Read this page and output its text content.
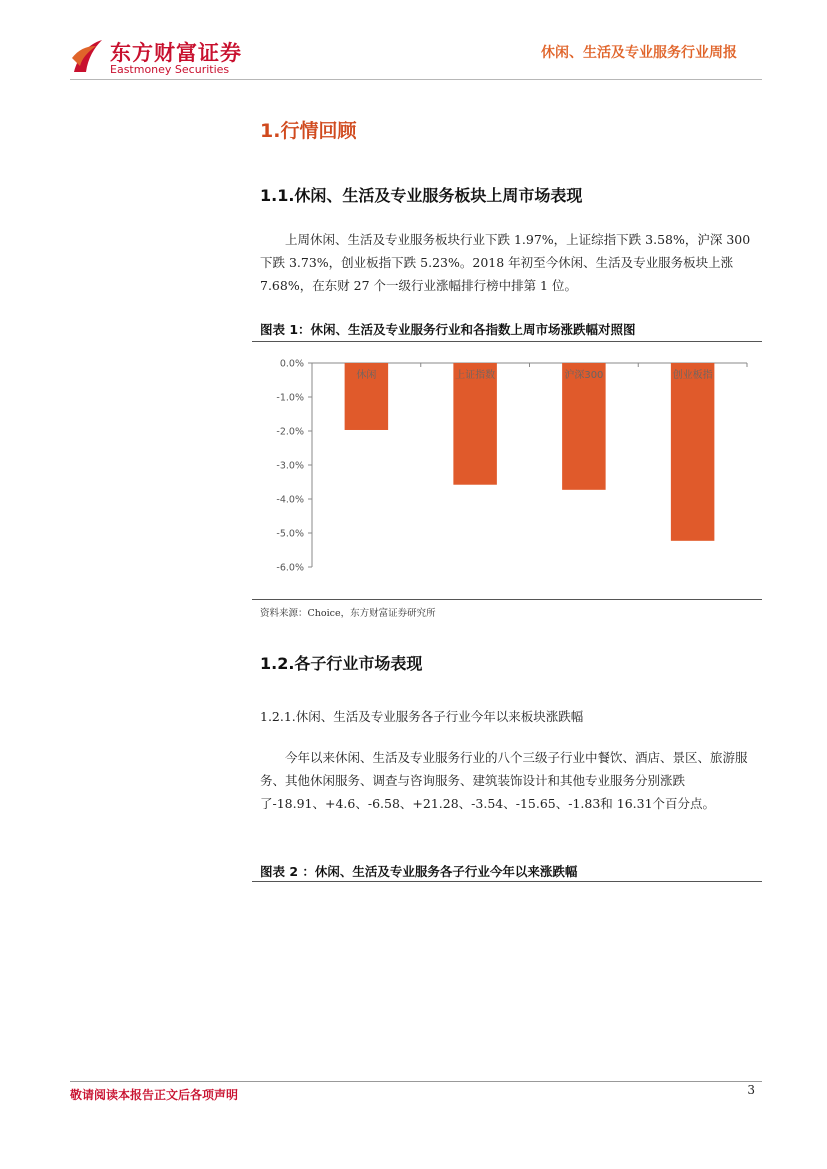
东方财富证券
Eastmoney Securities
休闲、生活及专业服务行业周报
1.行情回顾
1.1.休闲、生活及专业服务板块上周市场表现

上周休闲、生活及专业服务板块行业下跌 1.97%，上证综指下跌 3.58%，沪深 300下跌 3.73%，创业板指下跌 5.23%。2018 年初至今休闲、生活及专业服务板块上涨 7.68%，在东财 27 个一级行业涨幅排行榜中排第 1 位。

图表 1：休闲、生活及专业服务行业和各指数上周市场涨跌幅对照图
0.0%
-1.0%
-2.0%
-3.0%
-4.0%
-5.0%
-6.0%
休闲	上证指数	沪深300	创业板指
资料来源：Choice，东方财富证券研究所
1.2.各子行业市场表现
1.2.1.休闲、生活及专业服务各子行业今年以来板块涨跌幅

今年以来休闲、生活及专业服务行业的八个三级子行业中餐饮、酒店、景区、旅游服务、其他休闲服务、调查与咨询服务、建筑装饰设计和其他专业服务分别涨跌了-18.91、+4.6、-6.58、+21.28、-3.54、-15.65、-1.83和 16.31个百分点。

图表 2 ：休闲、生活及专业服务各子行业今年以来涨跌幅
敬请阅读本报告正文后各项声明	3
